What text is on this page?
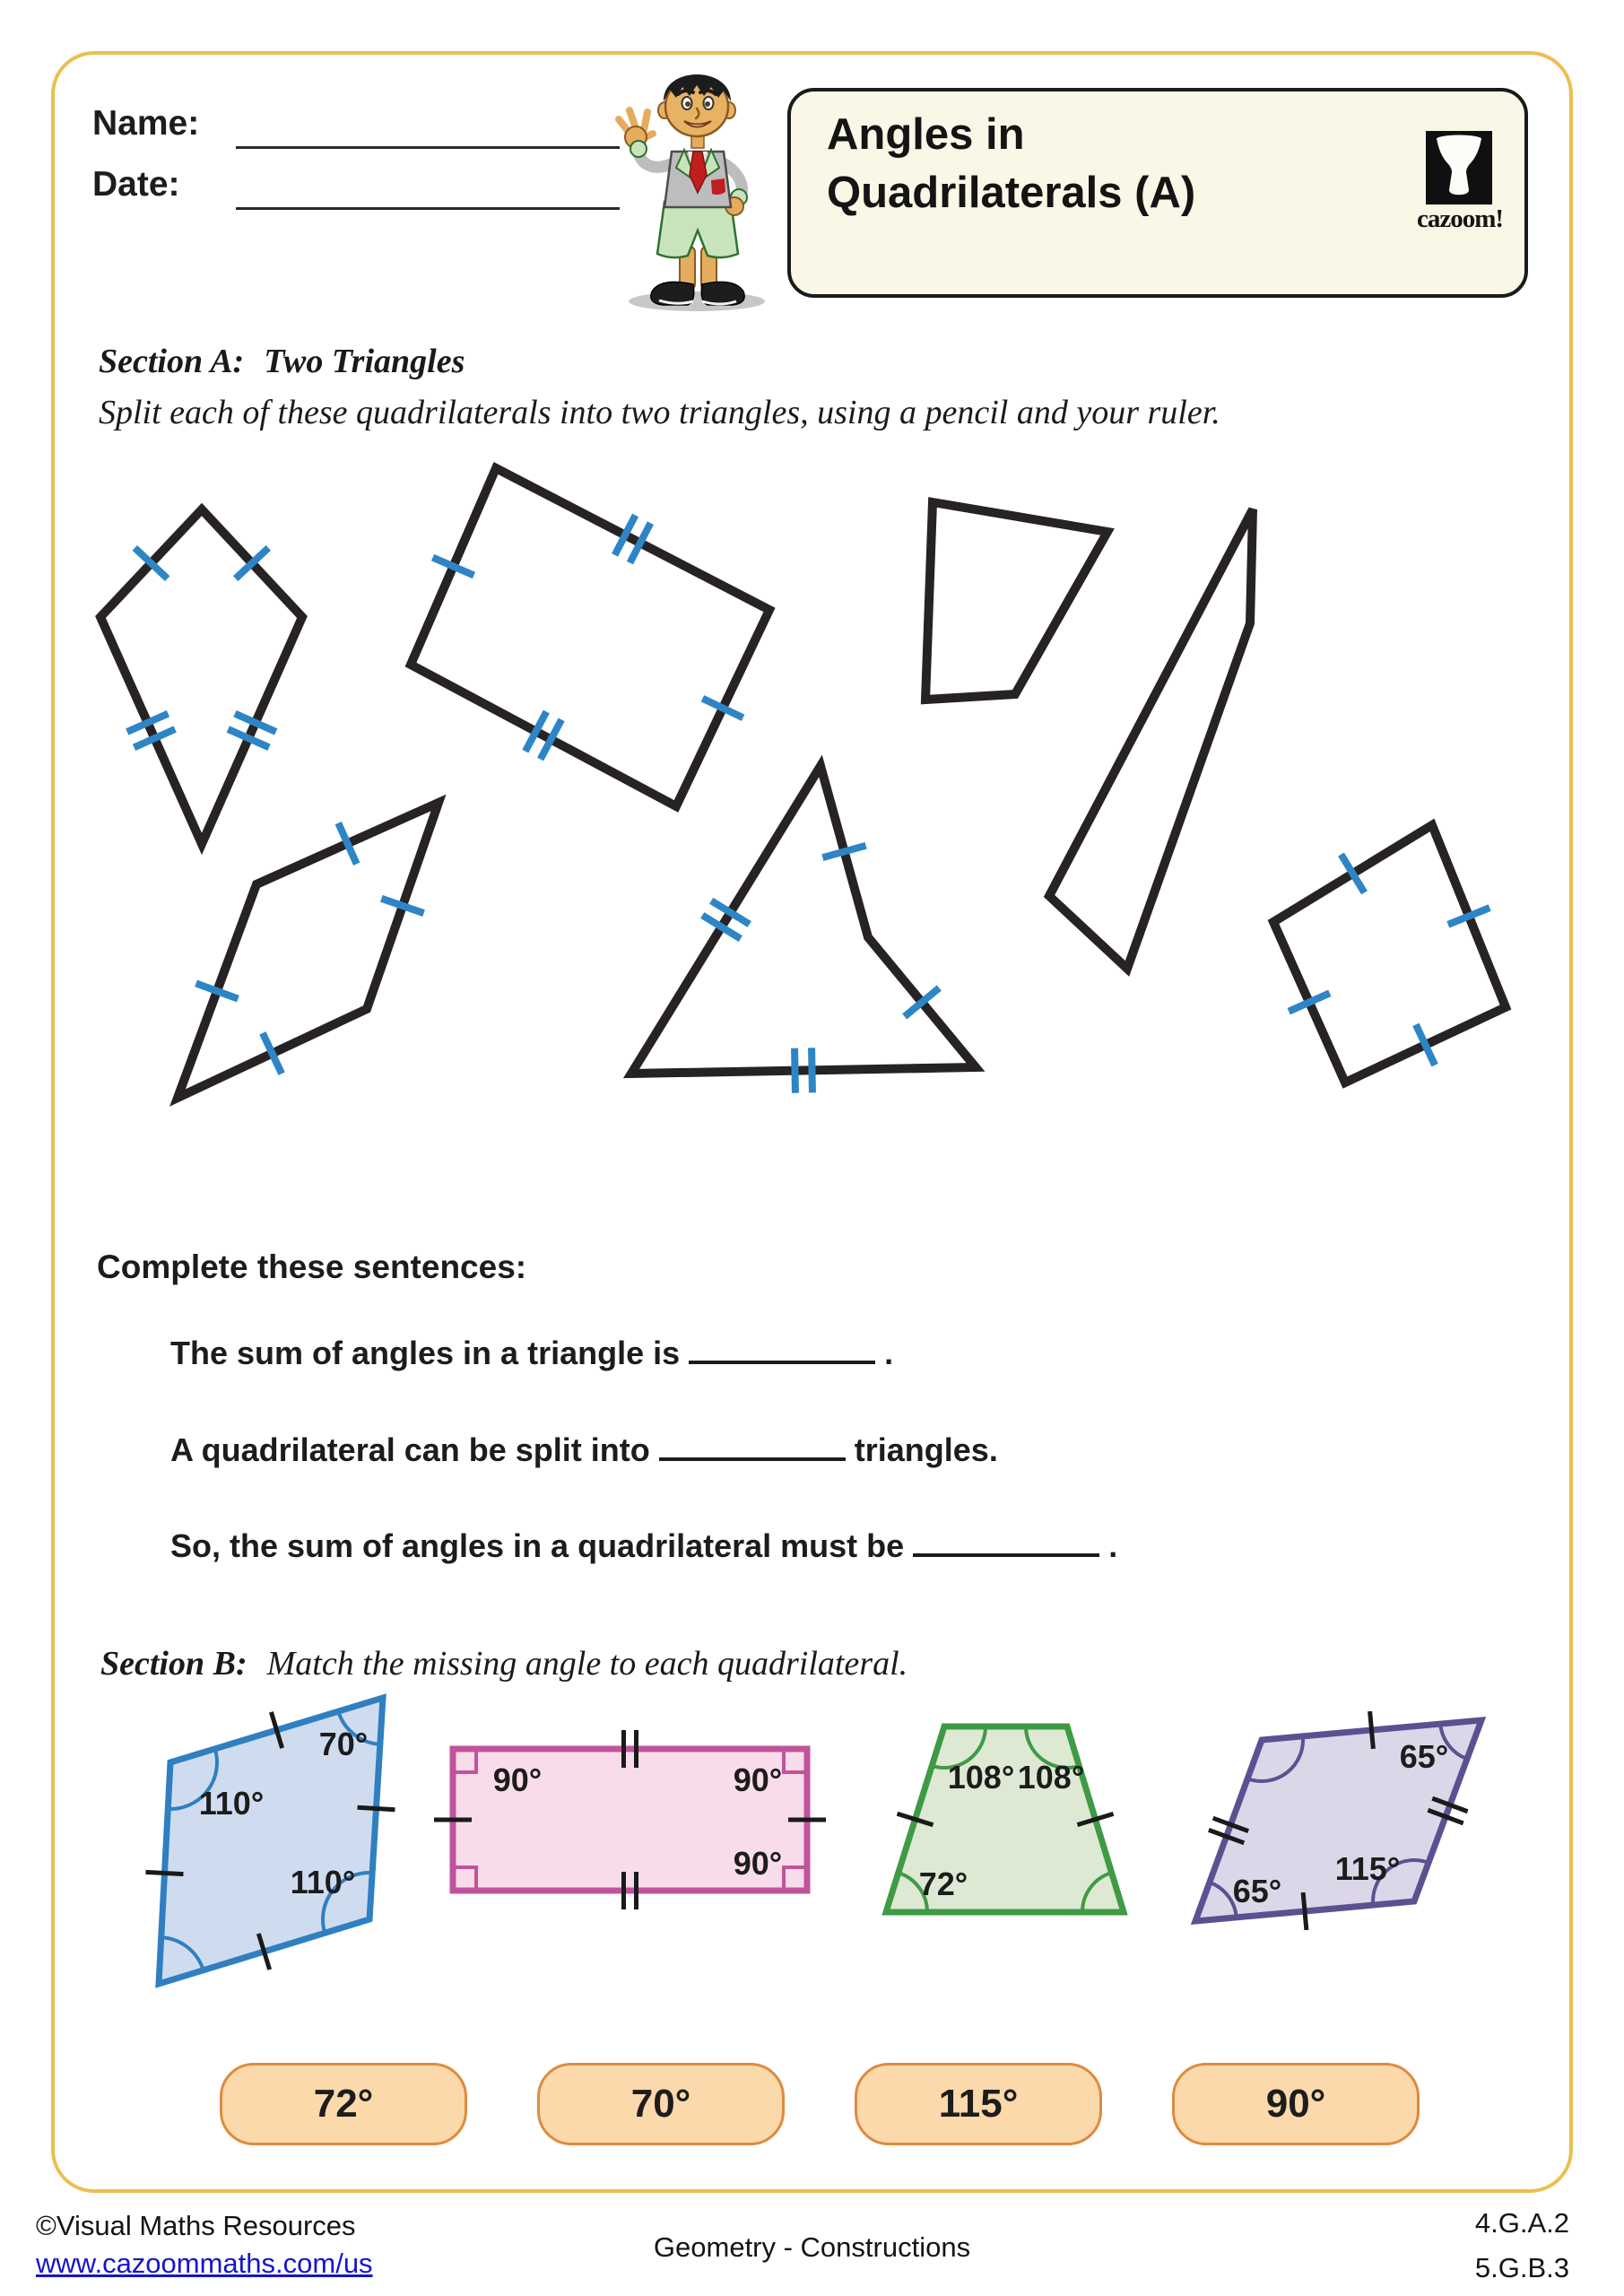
110°
70°
110°
90°	90°
90°
108° 108°
72°
65°
115°
65°
Name:
Date:
Angles in
Quadrilaterals (A)
cazoom!
Section A: Two Triangles
Split each of these quadrilaterals into two triangles, using a pencil and your ruler.
Complete these sentences:
The sum of angles in a triangle is	.
A quadrilateral can be split into	triangles.
So, the sum of angles in a quadrilateral must be	.
Section B: Match the missing angle to each quadrilateral.
72°	70°	115°	90°
©Visual Maths Resources
www.cazoommaths.com/us
Geometry - Constructions
4.G.A.2
5.G.B.3
